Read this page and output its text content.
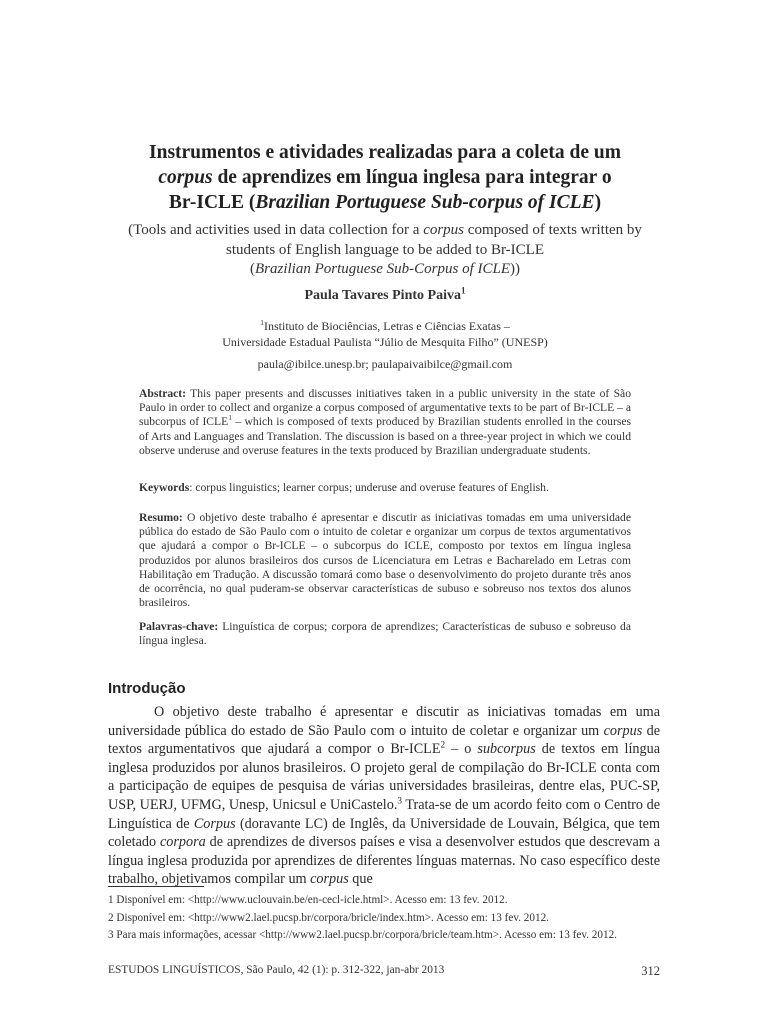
Instrumentos e atividades realizadas para a coleta de um
corpus de aprendizes em língua inglesa para integrar o
Br-ICLE (Brazilian Portuguese Sub-corpus of ICLE)
(Tools and activities used in data collection for a corpus composed of texts written by students of English language to be added to Br-ICLE
(Brazilian Portuguese Sub-Corpus of ICLE))
Paula Tavares Pinto Paiva$^1$
$^1$Instituto de Biociências, Letras e Ciências Exatas –
Universidade Estadual Paulista “Júlio de Mesquita Filho” (UNESP)
paula@ibilce.unesp.br; paulapaivaibilce@gmail.com
Abstract: This paper presents and discusses initiatives taken in a public university in the state of São Paulo in order to collect and organize a corpus composed of argumentative texts to be part of Br-ICLE – a subcorpus of ICLE$^1$ – which is composed of texts produced by Brazilian students enrolled in the courses of Arts and Languages and Translation. The discussion is based on a three-year project in which we could observe underuse and overuse features in the texts produced by Brazilian undergraduate students.
Keywords: corpus linguistics; learner corpus; underuse and overuse features of English.
Resumo: O objetivo deste trabalho é apresentar e discutir as iniciativas tomadas em uma universidade pública do estado de São Paulo com o intuito de coletar e organizar um corpus de textos argumentativos que ajudará a compor o Br-ICLE – o subcorpus do ICLE, composto por textos em língua inglesa produzidos por alunos brasileiros dos cursos de Licenciatura em Letras e Bacharelado em Letras com Habilitação em Tradução. A discussão tomará como base o desenvolvimento do projeto durante três anos de ocorrência, no qual puderam-se observar características de subuso e sobreuso nos textos dos alunos brasileiros.
Palavras-chave: Linguística de corpus; corpora de aprendizes; Características de subuso e sobreuso da língua inglesa.
Introdução
O objetivo deste trabalho é apresentar e discutir as iniciativas tomadas em uma universidade pública do estado de São Paulo com o intuito de coletar e organizar um corpus de textos argumentativos que ajudará a compor o Br-ICLE$^2$ – o subcorpus de textos em língua inglesa produzidos por alunos brasileiros. O projeto geral de compilação do Br-ICLE conta com a participação de equipes de pesquisa de várias universidades brasileiras, dentre elas, PUC-SP, USP, UERJ, UFMG, Unesp, Unicsul e UniCastelo.$^3$ Trata-se de um acordo feito com o Centro de Linguística de Corpus (doravante LC) de Inglês, da Universidade de Louvain, Bélgica, que tem coletado corpora de aprendizes de diversos países e visa a desenvolver estudos que descrevam a língua inglesa produzida por aprendizes de diferentes línguas maternas. No caso específico deste trabalho, objetivamos compilar um corpus que
1 Disponível em: <http://www.uclouvain.be/en-cecl-icle.html>. Acesso em: 13 fev. 2012.
2 Disponível em: <http://www2.lael.pucsp.br/corpora/bricle/index.htm>. Acesso em: 13 fev. 2012.
3 Para mais informações, acessar <http://www2.lael.pucsp.br/corpora/bricle/team.htm>. Acesso em: 13 fev. 2012.
ESTUDOS LINGUÍSTICOS, São Paulo, 42 (1): p. 312-322, jan-abr 2013	312
